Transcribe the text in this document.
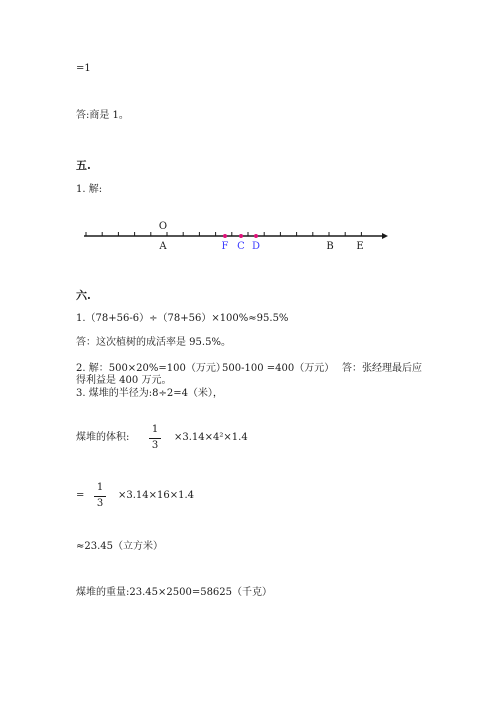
=1
答:商是 1。
五.
1. 解:
O
A	F C D	B E
六.
1.（78+56-6）÷（78+56）×100%≈95.5%
答：这次植树的成活率是 95.5%。
2. 解：500×20%=100（万元）
500-100 =400（万元） 答：张经理最后应
得利益是 400 万元。
3. 煤堆的半径为:8÷2=4（米），
煤堆的体积:
1
3
×3.14×4²×1.4
=
1
3
×3.14×16×1.4
≈23.45（立方米）
煤堆的重量:23.45×2500=58625（千克）
